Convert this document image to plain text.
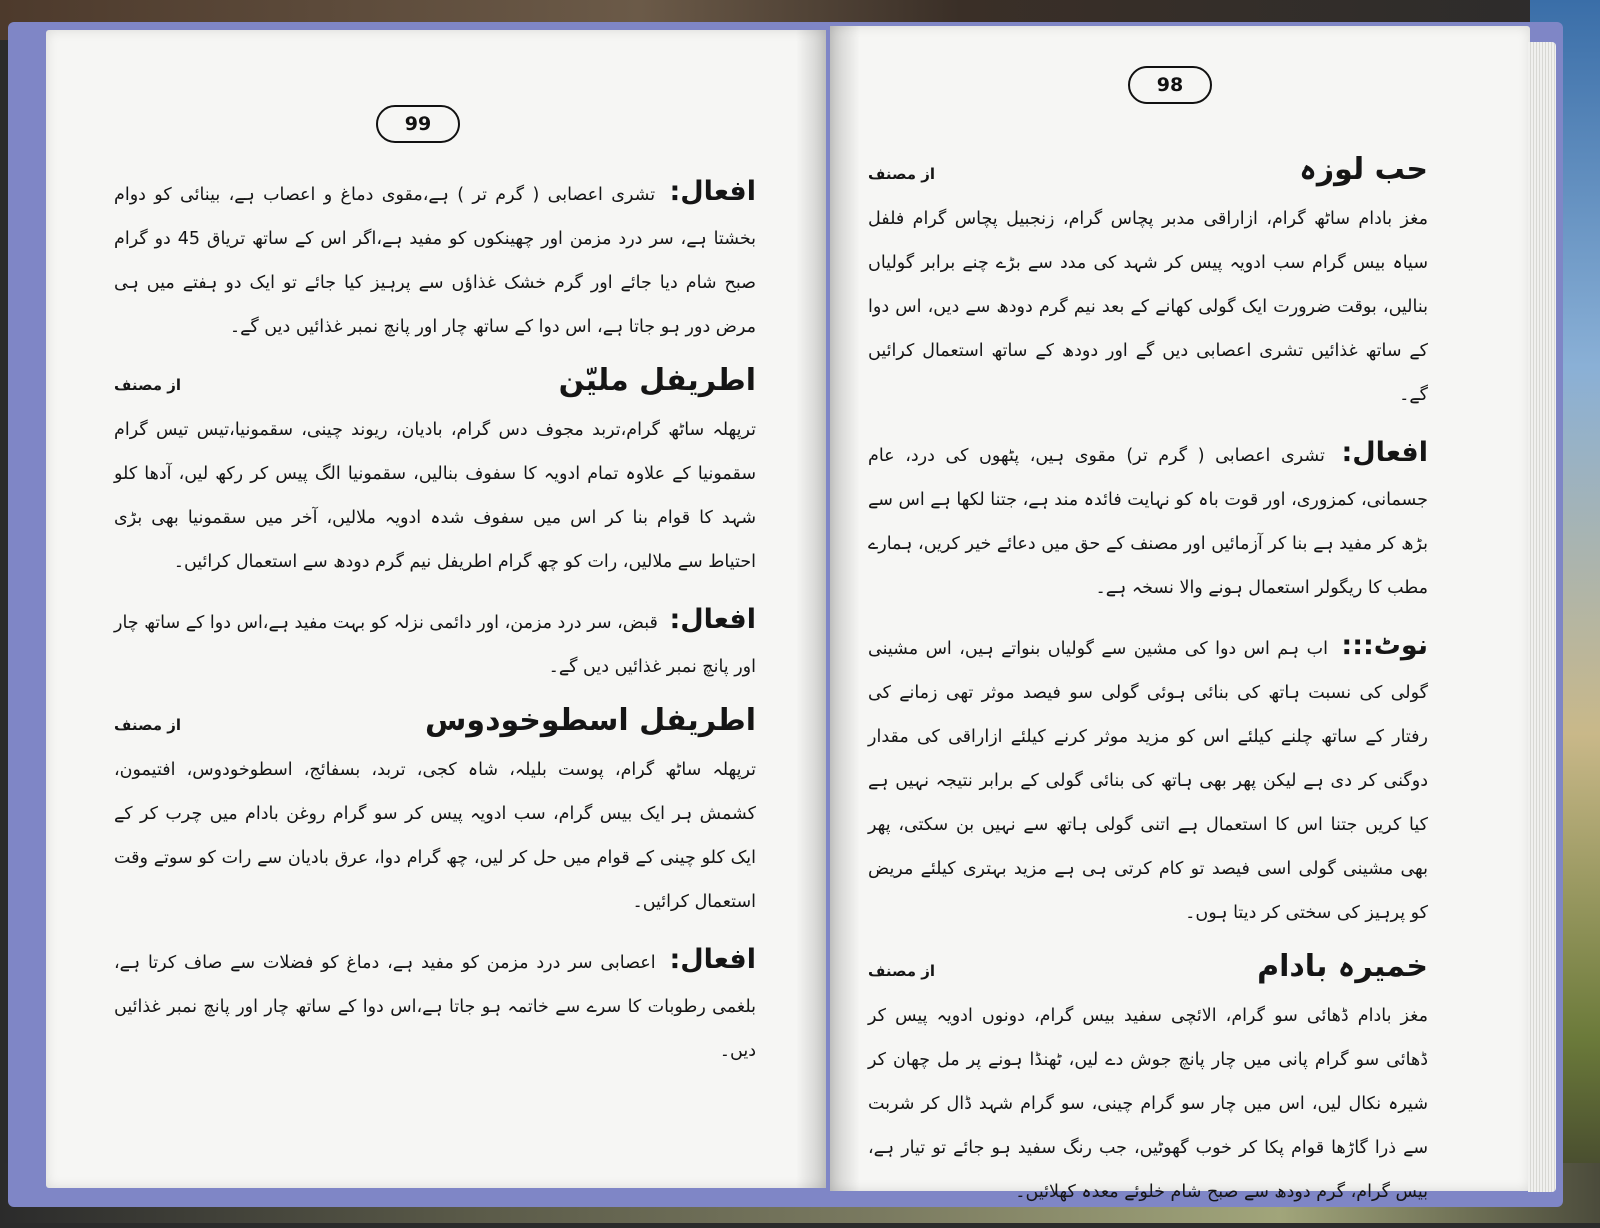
99

افعال: تشری اعصابی ( گرم تر ) ہے،مقوی دماغ و اعصاب ہے، بینائی کو دوام بخشتا ہے، سر درد مزمن اور چھینکوں کو مفید ہے،اگر اس کے ساتھ تریاق 45 دو گرام صبح شام دیا جائے اور گرم خشک غذاؤں سے پرہیز کیا جائے تو ایک دو ہفتے میں ہی مرض دور ہو جاتا ہے، اس دوا کے ساتھ چار اور پانچ نمبر غذائیں دیں گے۔

اطریفل ملیّن
از مصنف

ترپھلہ ساٹھ گرام،تربد مجوف دس گرام، بادیان، ریوند چینی، سقمونیا،تیس تیس گرام سقمونیا کے علاوہ تمام ادویہ کا سفوف بنالیں، سقمونیا الگ پیس کر رکھ لیں، آدھا کلو شہد کا قوام بنا کر اس میں سفوف شدہ ادویہ ملالیں، آخر میں سقمونیا بھی بڑی احتیاط سے ملالیں، رات کو چھ گرام اطریفل نیم گرم دودھ سے استعمال کرائیں۔

افعال: قبض، سر درد مزمن، اور دائمی نزلہ کو بہت مفید ہے،اس دوا کے ساتھ چار اور پانچ نمبر غذائیں دیں گے۔

اطریفل اسطوخودوس
از مصنف

ترپھلہ ساٹھ گرام، پوست بلیلہ، شاہ کجی، تربد، بسفائج، اسطوخودوس، افتیمون، کشمش ہر ایک بیس گرام، سب ادویہ پیس کر سو گرام روغن بادام میں چرب کر کے ایک کلو چینی کے قوام میں حل کر لیں، چھ گرام دوا، عرق بادیان سے رات کو سوتے وقت استعمال کرائیں۔

افعال: اعصابی سر درد مزمن کو مفید ہے، دماغ کو فضلات سے صاف کرتا ہے، بلغمی رطوبات کا سرے سے خاتمہ ہو جاتا ہے،اس دوا کے ساتھ چار اور پانچ نمبر غذائیں دیں۔

98
حب لوزہ
از مصنف

مغز بادام ساٹھ گرام، ازاراقی مدبر پچاس گرام، زنجبیل پچاس گرام فلفل سیاہ بیس گرام سب ادویہ پیس کر شہد کی مدد سے بڑے چنے برابر گولیاں بنالیں، بوقت ضرورت ایک گولی کھانے کے بعد نیم گرم دودھ سے دیں، اس دوا کے ساتھ غذائیں تشری اعصابی دیں گے اور دودھ کے ساتھ استعمال کرائیں گے۔

افعال: تشری اعصابی ( گرم تر) مقوی ہیں، پٹھوں کی درد، عام جسمانی، کمزوری، اور قوت باہ کو نہایت فائدہ مند ہے، جتنا لکھا ہے اس سے بڑھ کر مفید ہے بنا کر آزمائیں اور مصنف کے حق میں دعائے خیر کریں، ہمارے مطب کا ریگولر استعمال ہونے والا نسخہ ہے۔

نوٹ::: اب ہم اس دوا کی مشین سے گولیاں بنواتے ہیں، اس مشینی گولی کی نسبت ہاتھ کی بنائی ہوئی گولی سو فیصد موثر تھی زمانے کی رفتار کے ساتھ چلنے کیلئے اس کو مزید موثر کرنے کیلئے ازاراقی کی مقدار دوگنی کر دی ہے لیکن پھر بھی ہاتھ کی بنائی گولی کے برابر نتیجہ نہیں ہے کیا کریں جتنا اس کا استعمال ہے اتنی گولی ہاتھ سے نہیں بن سکتی، پھر بھی مشینی گولی اسی فیصد تو کام کرتی ہی ہے مزید بہتری کیلئے مریض کو پرہیز کی سختی کر دیتا ہوں۔

خمیرہ بادام
از مصنف

مغز بادام ڈھائی سو گرام، الائچی سفید بیس گرام، دونوں ادویہ پیس کر ڈھائی سو گرام پانی میں چار پانچ جوش دے لیں، ٹھنڈا ہونے پر مل چھان کر شیرہ نکال لیں، اس میں چار سو گرام چینی، سو گرام شہد ڈال کر شربت سے ذرا گاڑھا قوام پکا کر خوب گھوٹیں، جب رنگ سفید ہو جائے تو تیار ہے، بیس گرام، گرم دودھ سے صبح شام خلوئے معدہ کھلائیں۔
